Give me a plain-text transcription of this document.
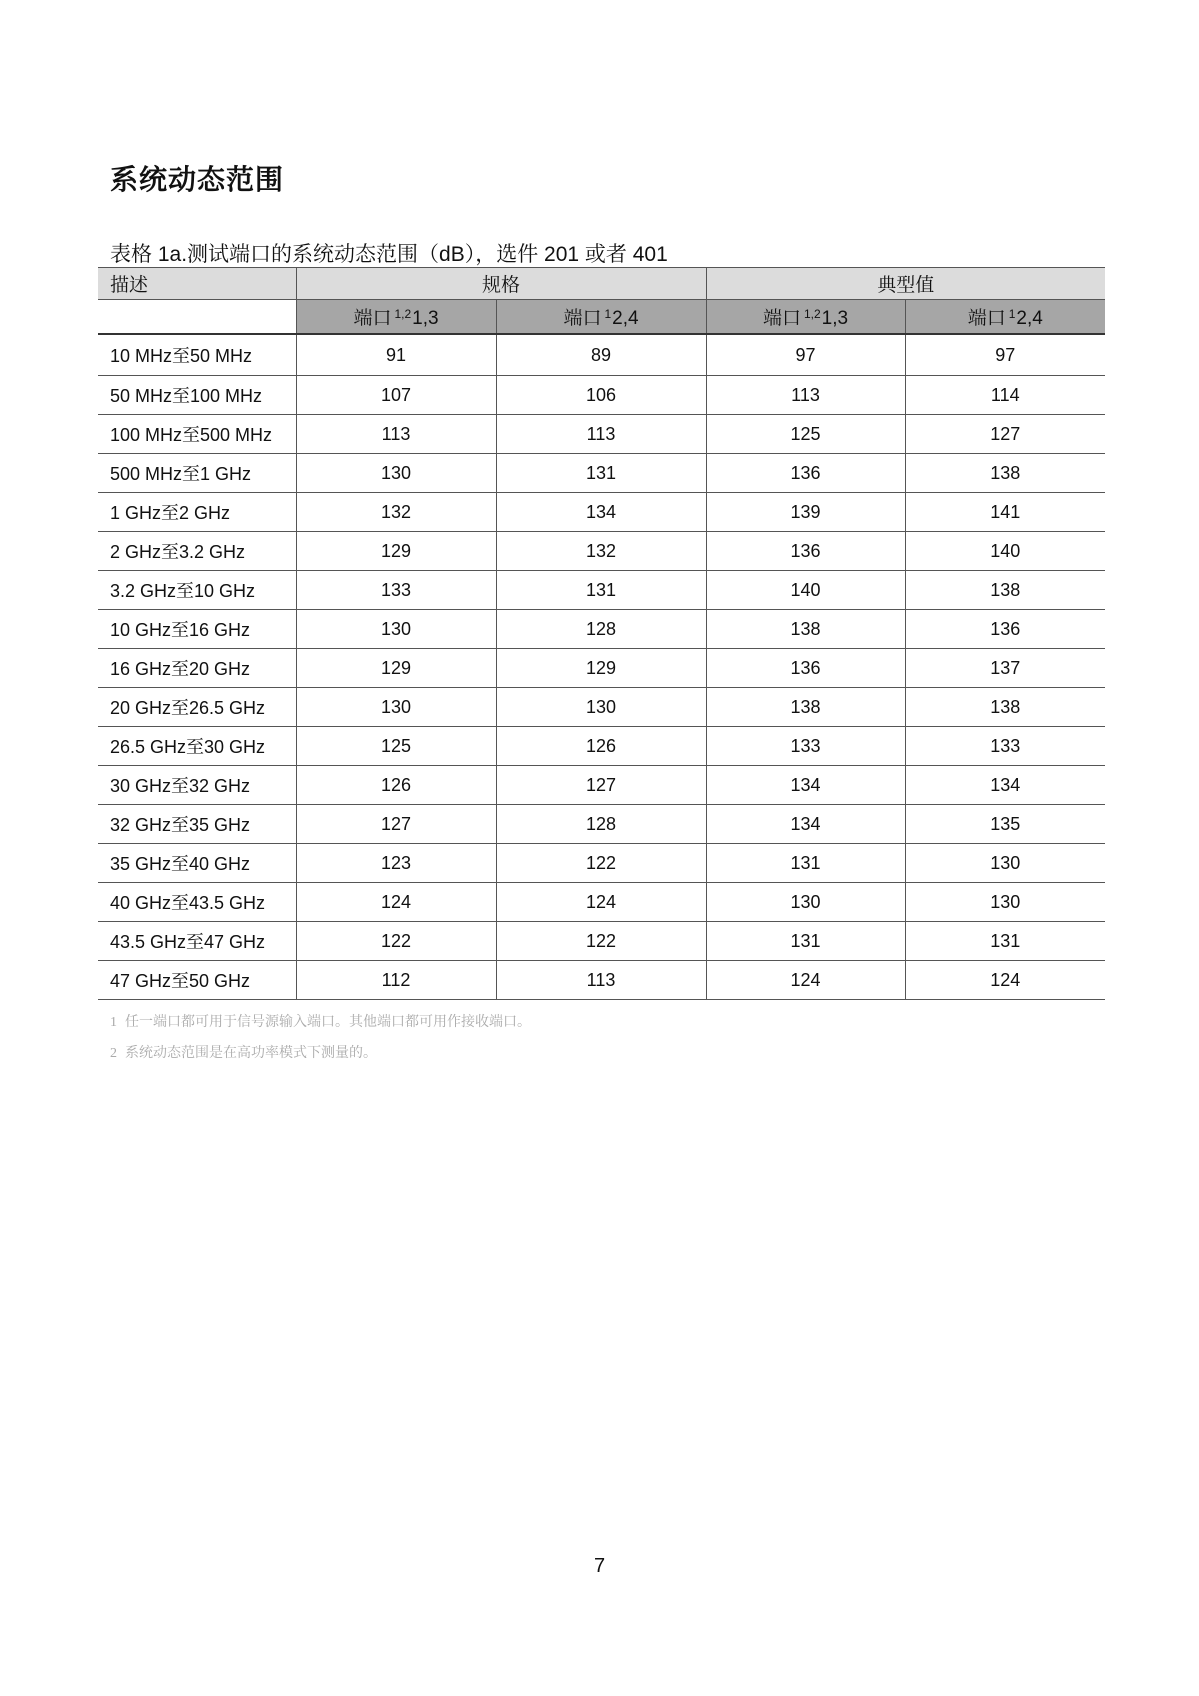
系统动态范围

表格 1a.测试端口的系统动态范围（dB），选件 201 或者 401

描述	规格		典型值	
	端口 $^{1,2}$1,3	端口 $^1$2,4	端口 $^{1,2}$1,3	端口 $^1$2,4
10 MHz至50 MHz	91	89	97	97
50 MHz至100 MHz	107	106	113	114
100 MHz至500 MHz	113	113	125	127
500 MHz至1 GHz	130	131	136	138
1 GHz至2 GHz	132	134	139	141
2 GHz至3.2 GHz	129	132	136	140
3.2 GHz至10 GHz	133	131	140	138
10 GHz至16 GHz	130	128	138	136
16 GHz至20 GHz	129	129	136	137
20 GHz至26.5 GHz	130	130	138	138
26.5 GHz至30 GHz	125	126	133	133
30 GHz至32 GHz	126	127	134	134
32 GHz至35 GHz	127	128	134	135
35 GHz至40 GHz	123	122	131	130
40 GHz至43.5 GHz	124	124	130	130
43.5 GHz至47 GHz	122	122	131	131
47 GHz至50 GHz	112	113	124	124

1 任一端口都可用于信号源输入端口。其他端口都可用作接收端口。

2 系统动态范围是在高功率模式下测量的。

7
